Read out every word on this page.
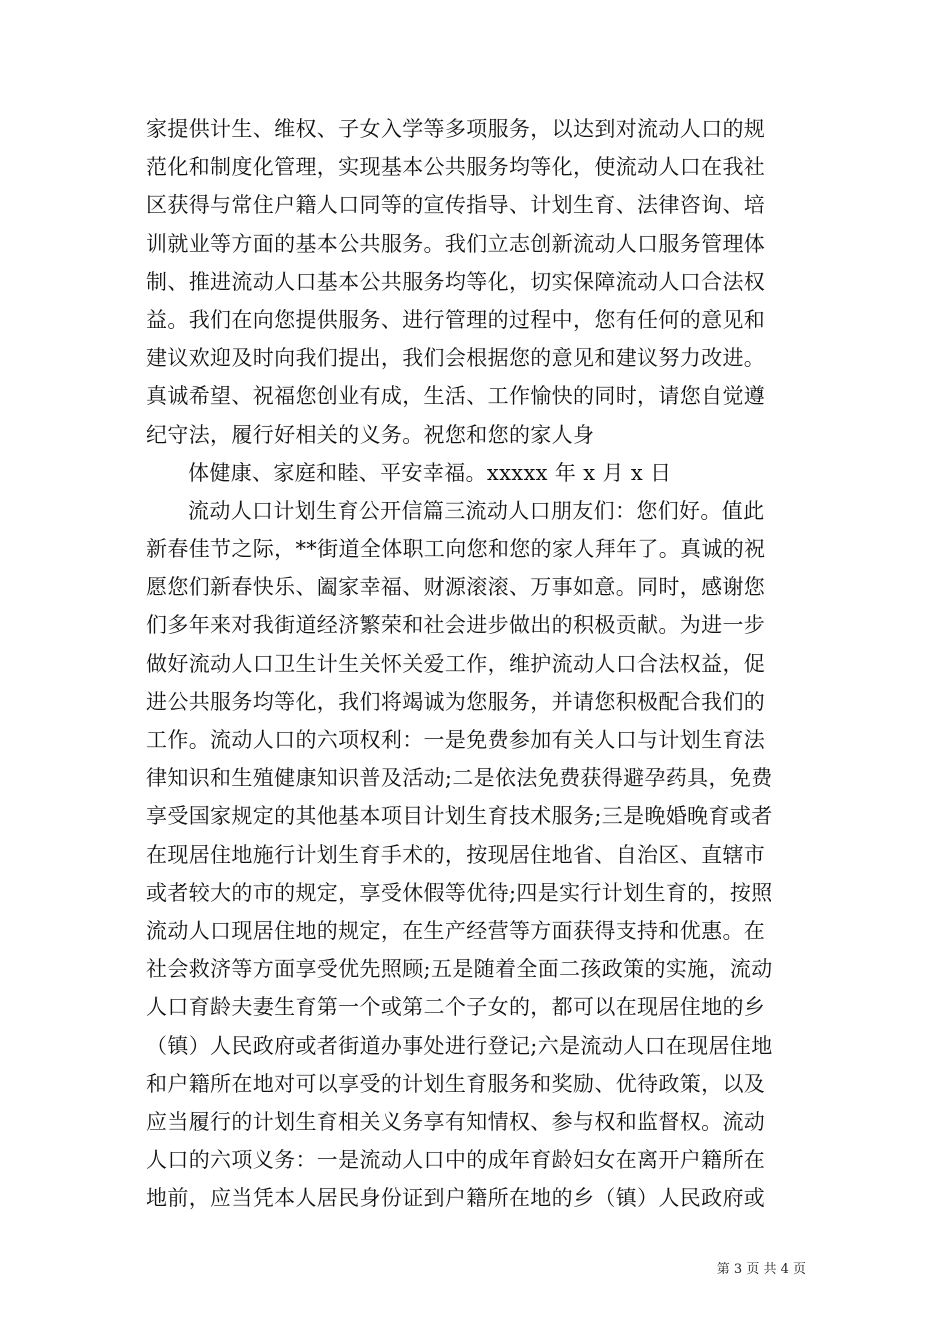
家提供计生、维权、子女入学等多项服务，以达到对流动人口的规
范化和制度化管理，实现基本公共服务均等化，使流动人口在我社
区获得与常住户籍人口同等的宣传指导、计划生育、法律咨询、培
训就业等方面的基本公共服务。我们立志创新流动人口服务管理体
制、推进流动人口基本公共服务均等化，切实保障流动人口合法权
益。我们在向您提供服务、进行管理的过程中，您有任何的意见和
建议欢迎及时向我们提出，我们会根据您的意见和建议努力改进。
真诚希望、祝福您创业有成，生活、工作愉快的同时，请您自觉遵
纪守法，履行好相关的义务。祝您和您的家人身
体健康、家庭和睦、平安幸福。xxxxx 年 x 月 x 日
流动人口计划生育公开信篇三流动人口朋友们：您们好。值此
新春佳节之际，**街道全体职工向您和您的家人拜年了。真诚的祝
愿您们新春快乐、阖家幸福、财源滚滚、万事如意。同时，感谢您
们多年来对我街道经济繁荣和社会进步做出的积极贡献。为进一步
做好流动人口卫生计生关怀关爱工作，维护流动人口合法权益，促
进公共服务均等化，我们将竭诚为您服务，并请您积极配合我们的
工作。流动人口的六项权利：一是免费参加有关人口与计划生育法
律知识和生殖健康知识普及活动;二是依法免费获得避孕药具，免费
享受国家规定的其他基本项目计划生育技术服务;三是晚婚晚育或者
在现居住地施行计划生育手术的，按现居住地省、自治区、直辖市
或者较大的市的规定，享受休假等优待;四是实行计划生育的，按照
流动人口现居住地的规定，在生产经营等方面获得支持和优惠。在
社会救济等方面享受优先照顾;五是随着全面二孩政策的实施，流动
人口育龄夫妻生育第一个或第二个子女的，都可以在现居住地的乡
（镇）人民政府或者街道办事处进行登记;六是流动人口在现居住地
和户籍所在地对可以享受的计划生育服务和奖励、优待政策，以及
应当履行的计划生育相关义务享有知情权、参与权和监督权。流动
人口的六项义务：一是流动人口中的成年育龄妇女在离开户籍所在
地前，应当凭本人居民身份证到户籍所在地的乡（镇）人民政府或
第 3 页 共 4 页
